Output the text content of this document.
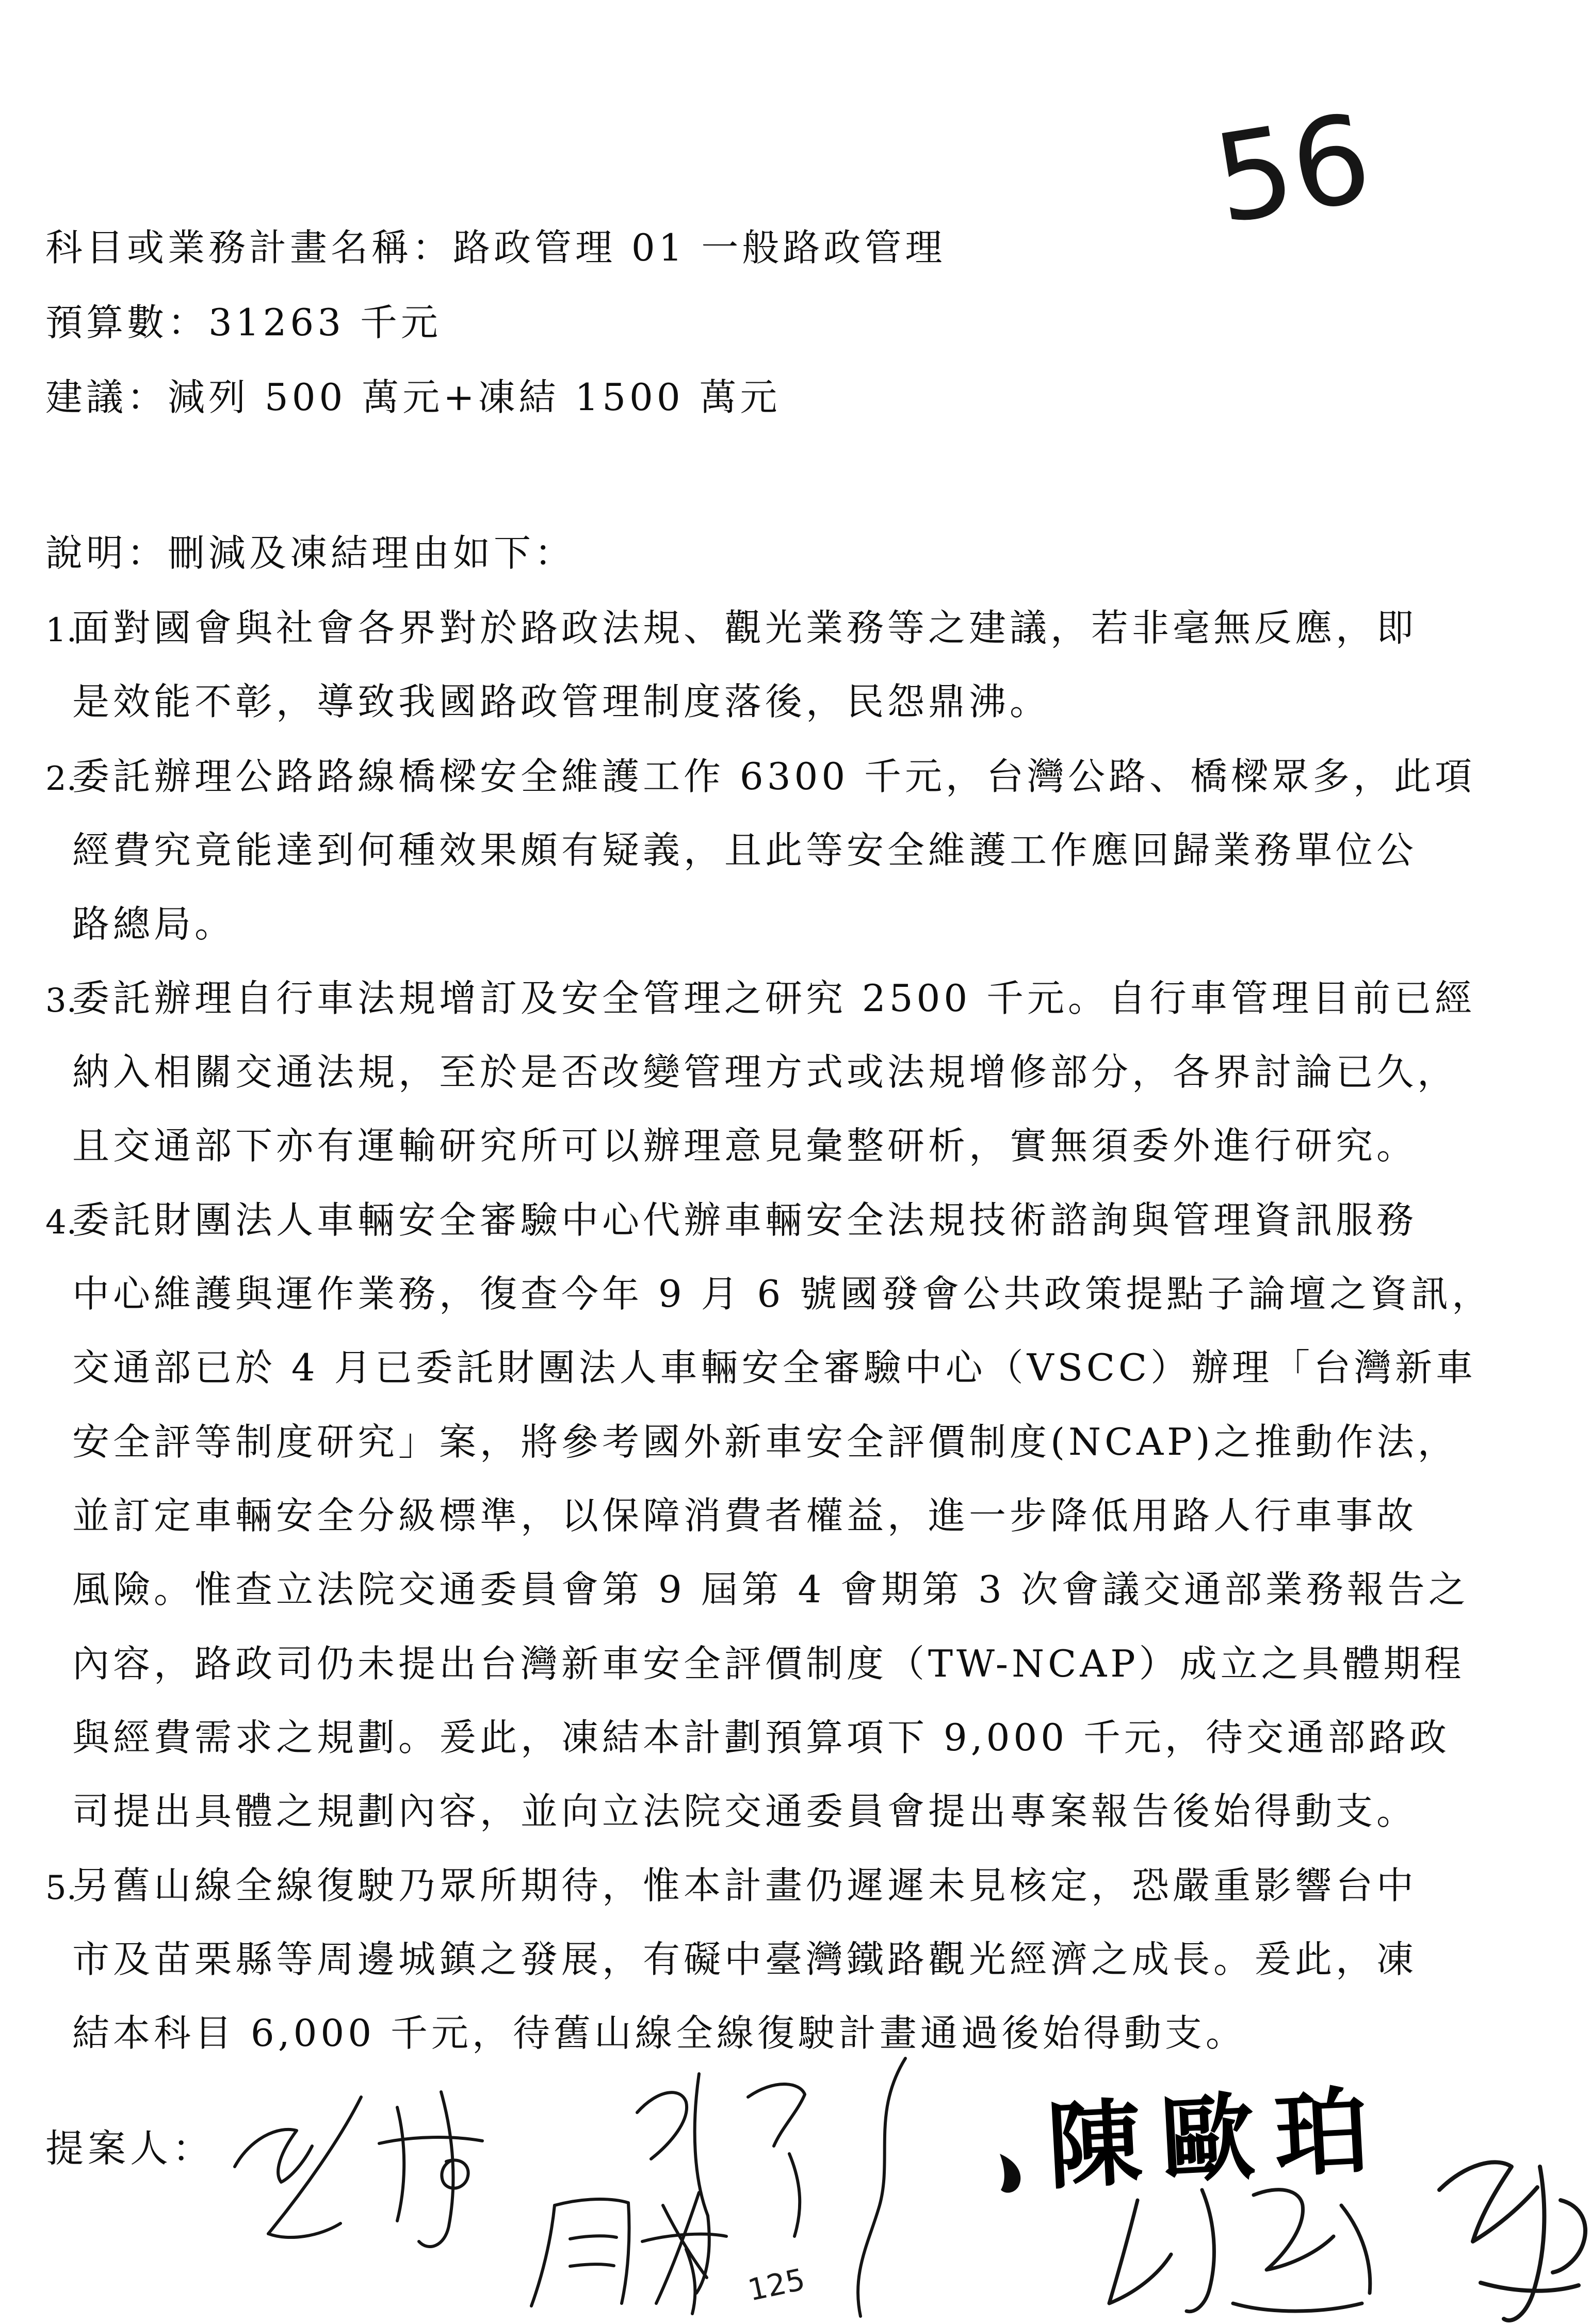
56
科目或業務計畫名稱：路政管理 01 一般路政管理
預算數：31263 千元
建議：減列 500 萬元+凍結 1500 萬元
說明：刪減及凍結理由如下：
1.
面對國會與社會各界對於路政法規、觀光業務等之建議，若非毫無反應，即
是效能不彰，導致我國路政管理制度落後，民怨鼎沸。
2.
委託辦理公路路線橋樑安全維護工作 6300 千元，台灣公路、橋樑眾多，此項
經費究竟能達到何種效果頗有疑義，且此等安全維護工作應回歸業務單位公
路總局。
3.
委託辦理自行車法規增訂及安全管理之研究 2500 千元。自行車管理目前已經
納入相關交通法規，至於是否改變管理方式或法規增修部分，各界討論已久，
且交通部下亦有運輸研究所可以辦理意見彙整研析，實無須委外進行研究。
4.
委託財團法人車輛安全審驗中心代辦車輛安全法規技術諮詢與管理資訊服務
中心維護與運作業務，復查今年 9 月 6 號國發會公共政策提點子論壇之資訊，
交通部已於 4 月已委託財團法人車輛安全審驗中心（VSCC）辦理「台灣新車
安全評等制度研究」案，將參考國外新車安全評價制度(NCAP)之推動作法，
並訂定車輛安全分級標準，以保障消費者權益，進一步降低用路人行車事故
風險。惟查立法院交通委員會第 9 屆第 4 會期第 3 次會議交通部業務報告之
內容，路政司仍未提出台灣新車安全評價制度（TW-NCAP）成立之具體期程
與經費需求之規劃。爰此，凍結本計劃預算項下 9,000 千元，待交通部路政
司提出具體之規劃內容，並向立法院交通委員會提出專案報告後始得動支。
5.
另舊山線全線復駛乃眾所期待，惟本計畫仍遲遲未見核定，恐嚴重影響台中
市及苗栗縣等周邊城鎮之發展，有礙中臺灣鐵路觀光經濟之成長。爰此，凍
結本科目 6,000 千元，待舊山線全線復駛計畫通過後始得動支。
提案人：	陳歐珀
125
